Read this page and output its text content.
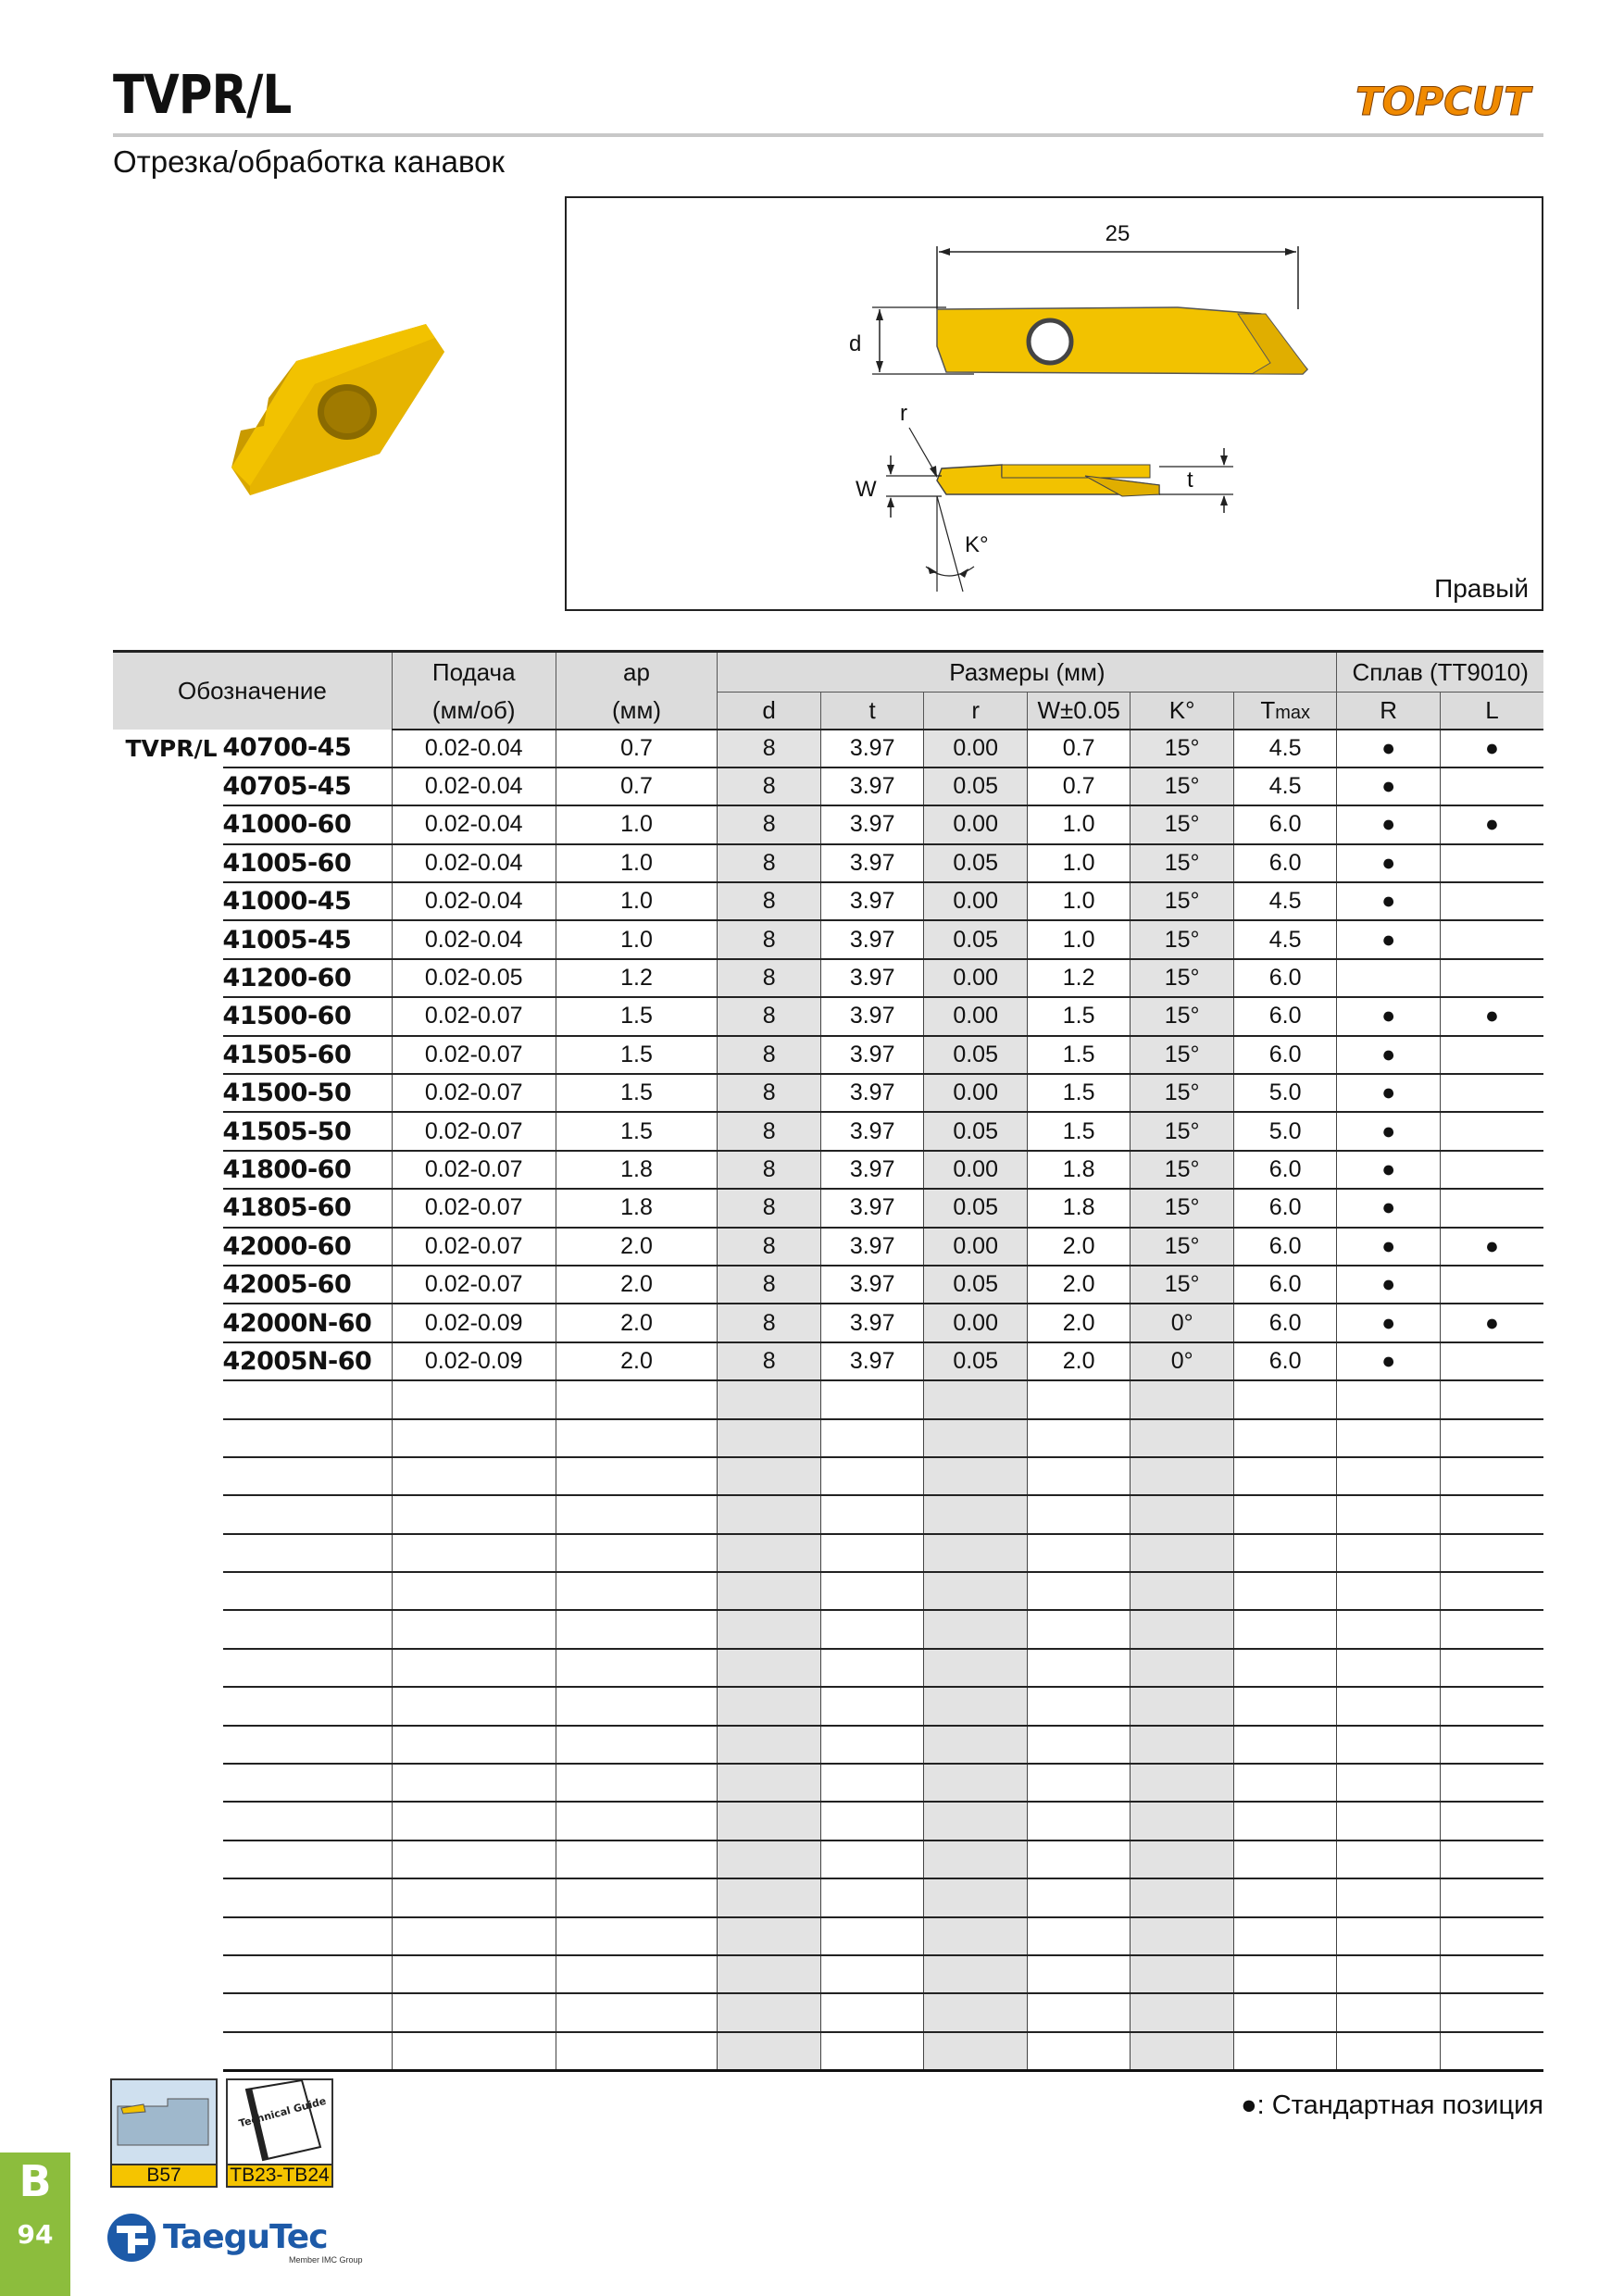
TVPR/L
Отрезка/обработка канавок
TOPCUT
25
d
r
W	t
K°
Правый
Обозначение		Подача	ap	Размеры (мм)						Сплав (TT9010)	
		(мм/об)	(мм)	d	t	r	W±0.05	K°	Tmax	R	L
TVPR/L	40700-45	0.02-0.04	0.7	8	3.97	0.00	0.7	15°	4.5	●	●
	40705-45	0.02-0.04	0.7	8	3.97	0.05	0.7	15°	4.5	●	
	41000-60	0.02-0.04	1.0	8	3.97	0.00	1.0	15°	6.0	●	●
	41005-60	0.02-0.04	1.0	8	3.97	0.05	1.0	15°	6.0	●	
	41000-45	0.02-0.04	1.0	8	3.97	0.00	1.0	15°	4.5	●	
	41005-45	0.02-0.04	1.0	8	3.97	0.05	1.0	15°	4.5	●	
	41200-60	0.02-0.05	1.2	8	3.97	0.00	1.2	15°	6.0		
	41500-60	0.02-0.07	1.5	8	3.97	0.00	1.5	15°	6.0	●	●
	41505-60	0.02-0.07	1.5	8	3.97	0.05	1.5	15°	6.0	●	
	41500-50	0.02-0.07	1.5	8	3.97	0.00	1.5	15°	5.0	●	
	41505-50	0.02-0.07	1.5	8	3.97	0.05	1.5	15°	5.0	●	
	41800-60	0.02-0.07	1.8	8	3.97	0.00	1.8	15°	6.0	●	
	41805-60	0.02-0.07	1.8	8	3.97	0.05	1.8	15°	6.0	●	
	42000-60	0.02-0.07	2.0	8	3.97	0.00	2.0	15°	6.0	●	●
	42005-60	0.02-0.07	2.0	8	3.97	0.05	2.0	15°	6.0	●	
	42000N-60	0.02-0.09	2.0	8	3.97	0.00	2.0	0°	6.0	●	●
	42005N-60	0.02-0.09	2.0	8	3.97	0.05	2.0	0°	6.0	●	

●: Стандартная позиция
B57
Technical Guide
TB23-TB24
B
94	TaeguTec
Member IMC Group
